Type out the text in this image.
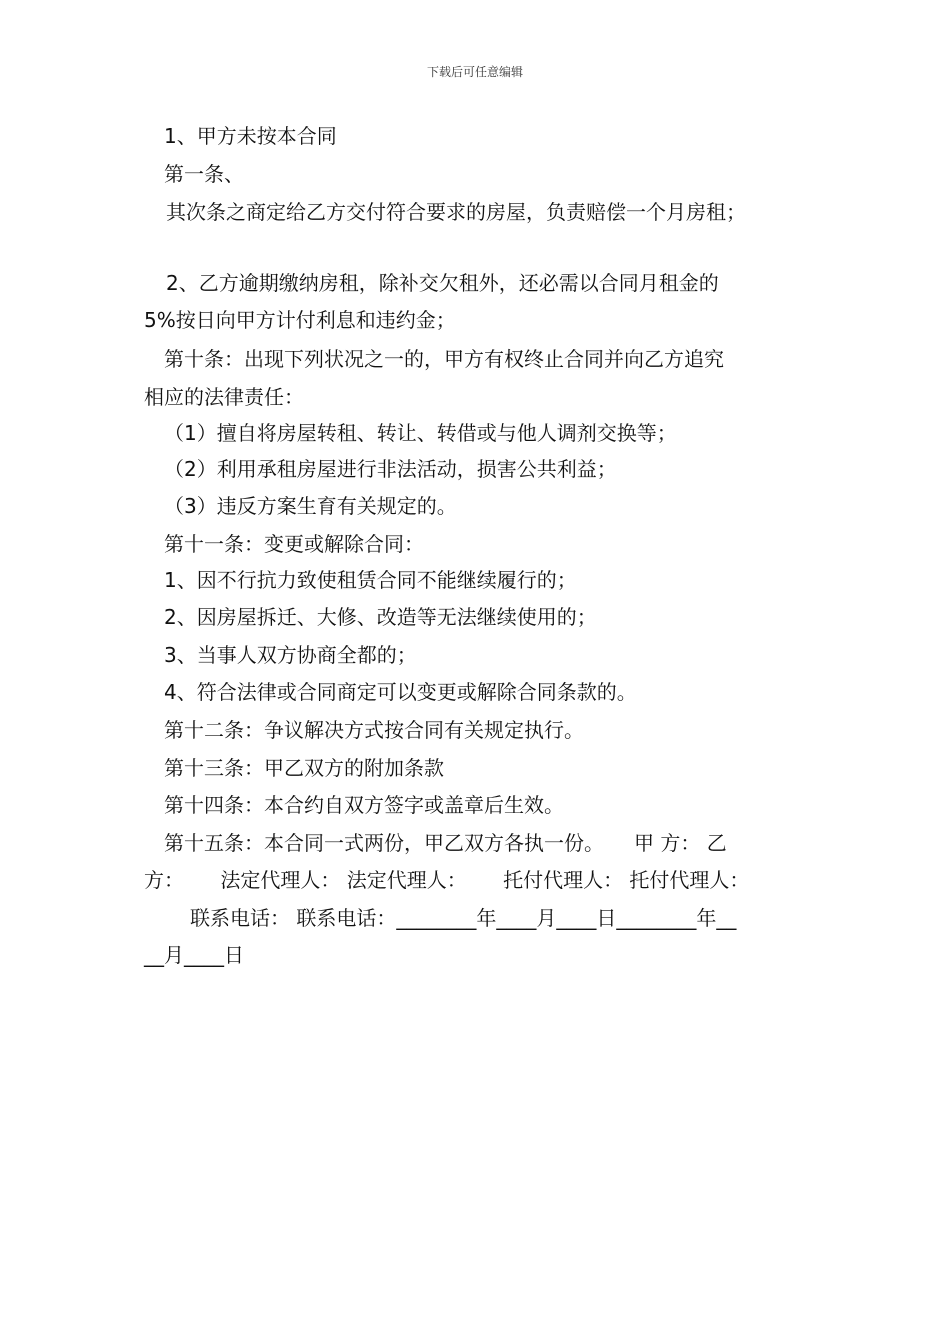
下载后可任意编辑
1、甲方未按本合同
第一条、
其次条之商定给乙方交付符合要求的房屋，负责赔偿一个月房租；
2、乙方逾期缴纳房租，除补交欠租外，还必需以合同月租金的
5%按日向甲方计付利息和违约金；
第十条：出现下列状况之一的，甲方有权终止合同并向乙方追究
相应的法律责任：
（1）擅自将房屋转租、转让、转借或与他人调剂交换等；
（2）利用承租房屋进行非法活动，损害公共利益；
（3）违反方案生育有关规定的。
第十一条：变更或解除合同：
1、因不行抗力致使租赁合同不能继续履行的；
2、因房屋拆迁、大修、改造等无法继续使用的；
3、当事人双方协商全都的；
4、符合法律或合同商定可以变更或解除合同条款的。
第十二条：争议解决方式按合同有关规定执行。
第十三条：甲乙双方的附加条款
第十四条：本合约自双方签字或盖章后生效。
第十五条：本合同一式两份，甲乙双方各执一份。　　甲 方： 乙
方：　　 法定代理人： 法定代理人：　　 托付代理人： 托付代理人：
联系电话： 联系电话：________年____月____日________年__
__月____日
